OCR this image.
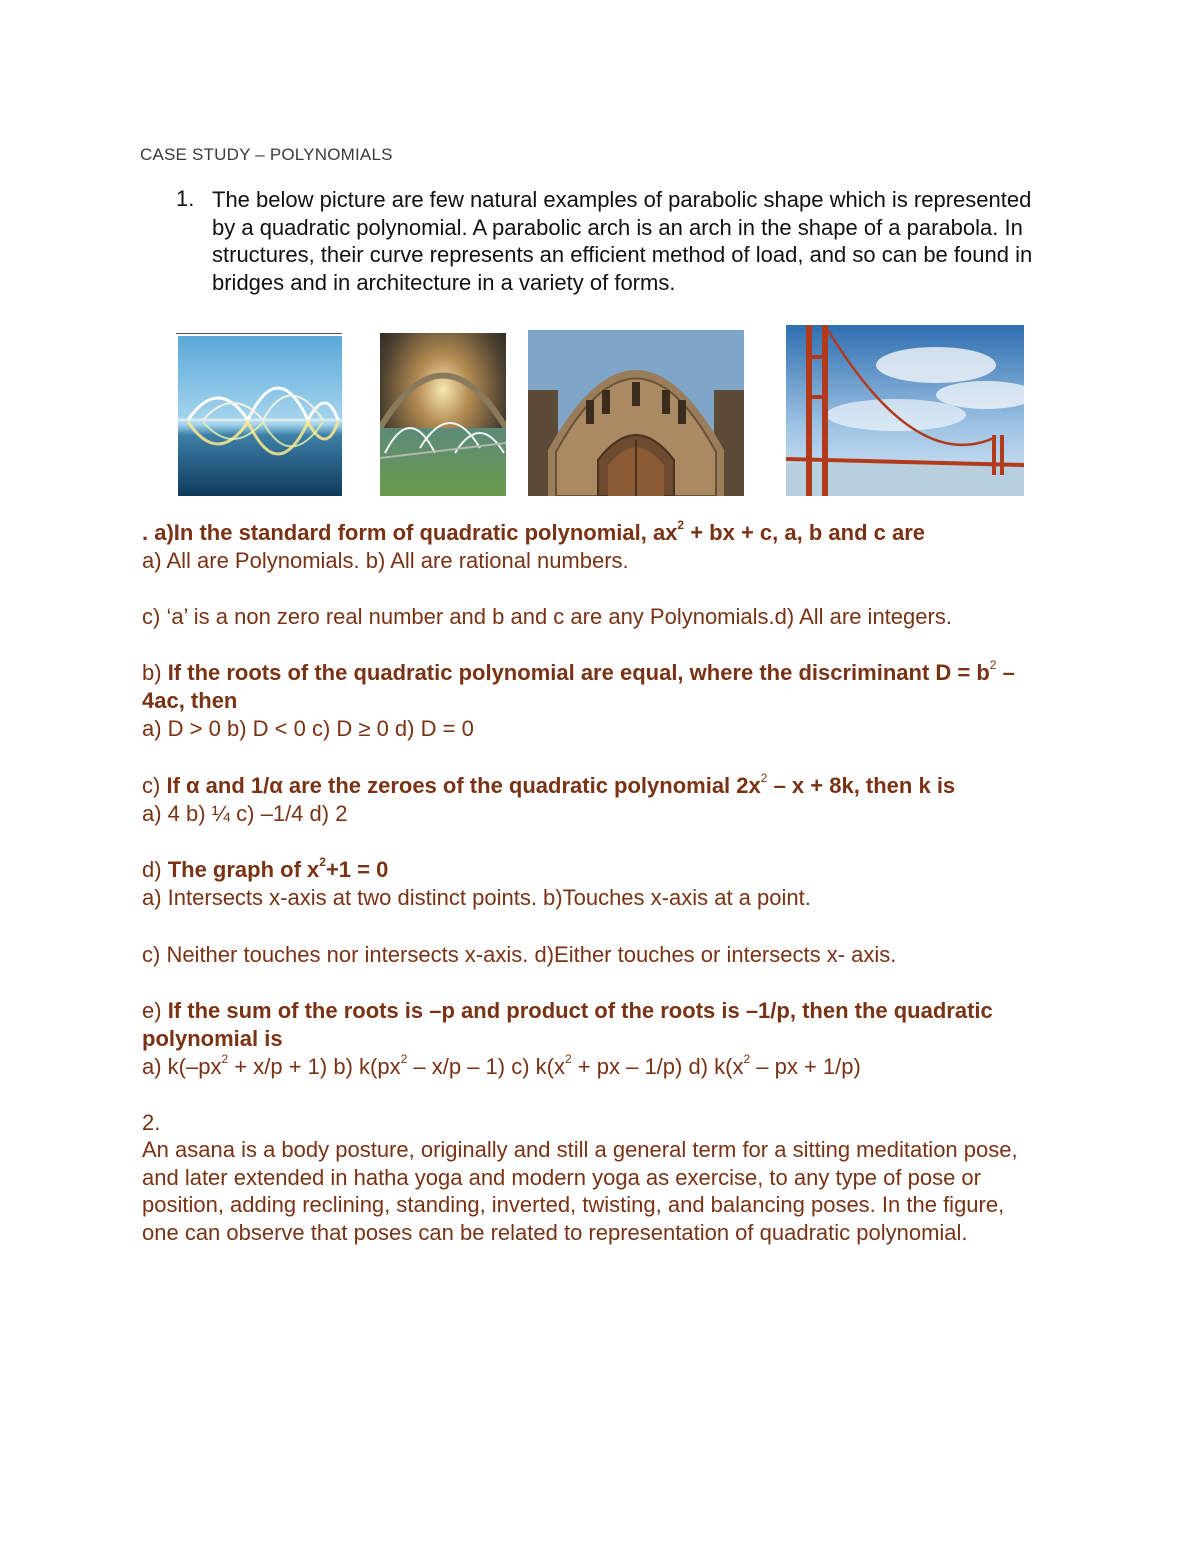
CASE STUDY – POLYNOMIALS
1. The below picture are few natural examples of parabolic shape which is represented by a quadratic polynomial. A parabolic arch is an arch in the shape of a parabola. In structures, their curve represents an efficient method of load, and so can be found in bridges and in architecture in a variety of forms.
. a)In the standard form of quadratic polynomial, $ax^2$ + bx + c, a, b and c are
a) All are Polynomials. b) All are rational numbers.
c) ‘a’ is a non zero real number and b and c are any Polynomials.d) All are integers.
b) If the roots of the quadratic polynomial are equal, where the discriminant $D = b^2$ –
4ac, then
a) D > 0 b) D < 0 c) D ≥ 0 d) D = 0
c) If α and 1/α are the zeroes of the quadratic polynomial $2x^2 - x + 8k$, then k is
a) 4 b) ¼ c) –1/4 d) 2
d) The graph of $x^2+1 = 0$
a) Intersects x-axis at two distinct points. b)Touches x-axis at a point.
c) Neither touches nor intersects x-axis. d)Either touches or intersects x- axis.
e) If the sum of the roots is –p and product of the roots is –1/p, then the quadratic
polynomial is
a) $k(-px^2 + x/p + 1)$ b) $k(px^2 - x/p - 1)$ c) $k(x^2$ + px – 1/p) d) $k(x^2$ – px + 1/p)
2.
An asana is a body posture, originally and still a general term for a sitting meditation pose, and later extended in hatha yoga and modern yoga as exercise, to any type of pose or position, adding reclining, standing, inverted, twisting, and balancing poses. In the figure, one can observe that poses can be related to representation of quadratic polynomial.
